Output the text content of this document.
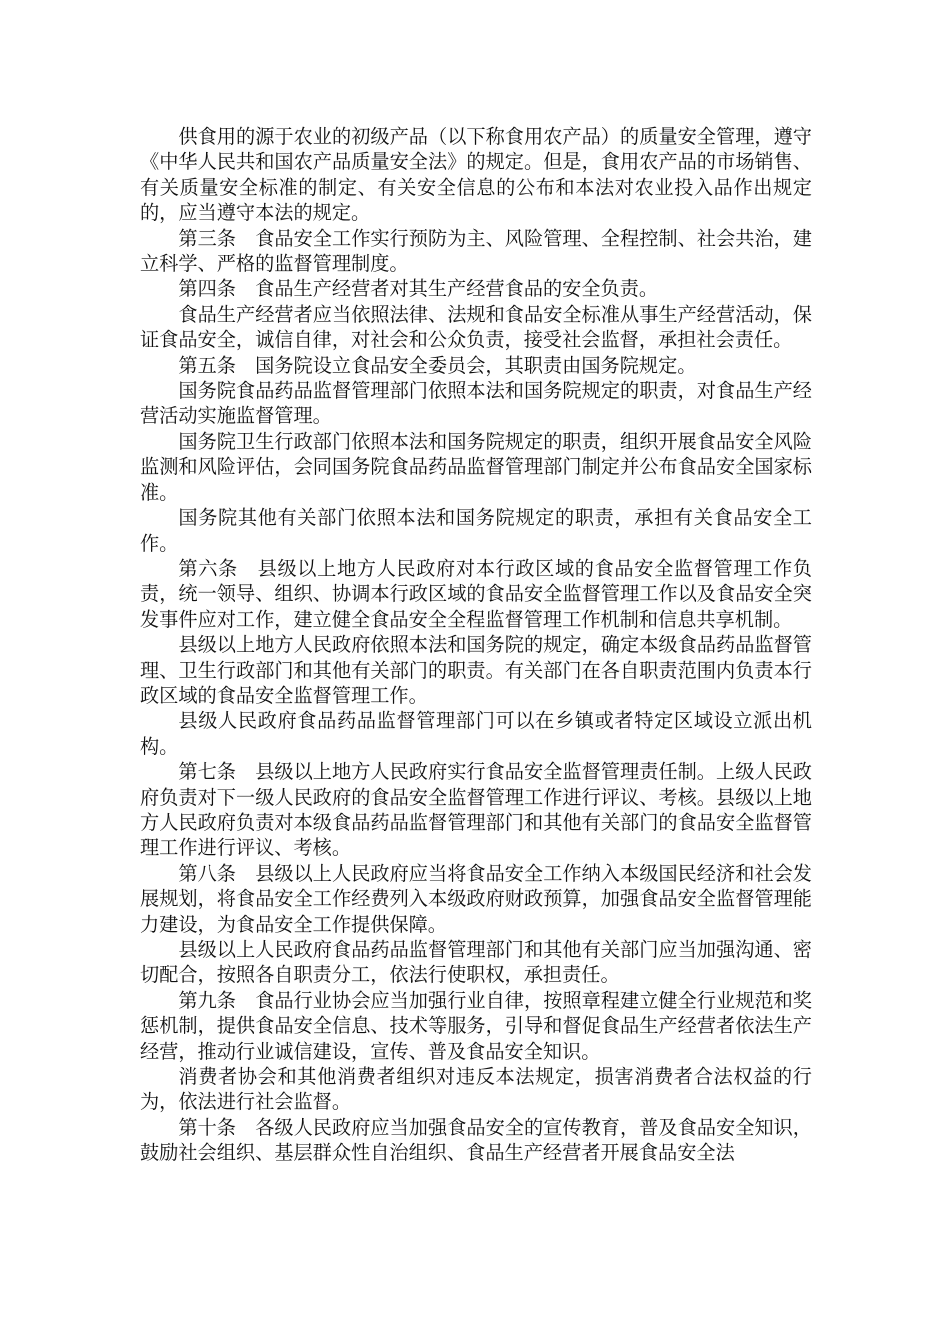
供食用的源于农业的初级产品（以下称食用农产品）的质量安全管理，遵守《中华人民共和国农产品质量安全法》的规定。但是，食用农产品的市场销售、有关质量安全标准的制定、有关安全信息的公布和本法对农业投入品作出规定的，应当遵守本法的规定。

第三条　食品安全工作实行预防为主、风险管理、全程控制、社会共治，建立科学、严格的监督管理制度。

第四条　食品生产经营者对其生产经营食品的安全负责。

食品生产经营者应当依照法律、法规和食品安全标准从事生产经营活动，保证食品安全，诚信自律，对社会和公众负责，接受社会监督，承担社会责任。

第五条　国务院设立食品安全委员会，其职责由国务院规定。

国务院食品药品监督管理部门依照本法和国务院规定的职责，对食品生产经营活动实施监督管理。

国务院卫生行政部门依照本法和国务院规定的职责，组织开展食品安全风险监测和风险评估，会同国务院食品药品监督管理部门制定并公布食品安全国家标准。

国务院其他有关部门依照本法和国务院规定的职责，承担有关食品安全工作。

第六条　县级以上地方人民政府对本行政区域的食品安全监督管理工作负责，统一领导、组织、协调本行政区域的食品安全监督管理工作以及食品安全突发事件应对工作，建立健全食品安全全程监督管理工作机制和信息共享机制。

县级以上地方人民政府依照本法和国务院的规定，确定本级食品药品监督管理、卫生行政部门和其他有关部门的职责。有关部门在各自职责范围内负责本行政区域的食品安全监督管理工作。

县级人民政府食品药品监督管理部门可以在乡镇或者特定区域设立派出机构。

第七条　县级以上地方人民政府实行食品安全监督管理责任制。上级人民政府负责对下一级人民政府的食品安全监督管理工作进行评议、考核。县级以上地方人民政府负责对本级食品药品监督管理部门和其他有关部门的食品安全监督管理工作进行评议、考核。

第八条　县级以上人民政府应当将食品安全工作纳入本级国民经济和社会发展规划，将食品安全工作经费列入本级政府财政预算，加强食品安全监督管理能力建设，为食品安全工作提供保障。

县级以上人民政府食品药品监督管理部门和其他有关部门应当加强沟通、密切配合，按照各自职责分工，依法行使职权，承担责任。

第九条　食品行业协会应当加强行业自律，按照章程建立健全行业规范和奖惩机制，提供食品安全信息、技术等服务，引导和督促食品生产经营者依法生产经营，推动行业诚信建设，宣传、普及食品安全知识。

消费者协会和其他消费者组织对违反本法规定，损害消费者合法权益的行为，依法进行社会监督。

第十条　各级人民政府应当加强食品安全的宣传教育，普及食品安全知识，鼓励社会组织、基层群众性自治组织、食品生产经营者开展食品安全法
